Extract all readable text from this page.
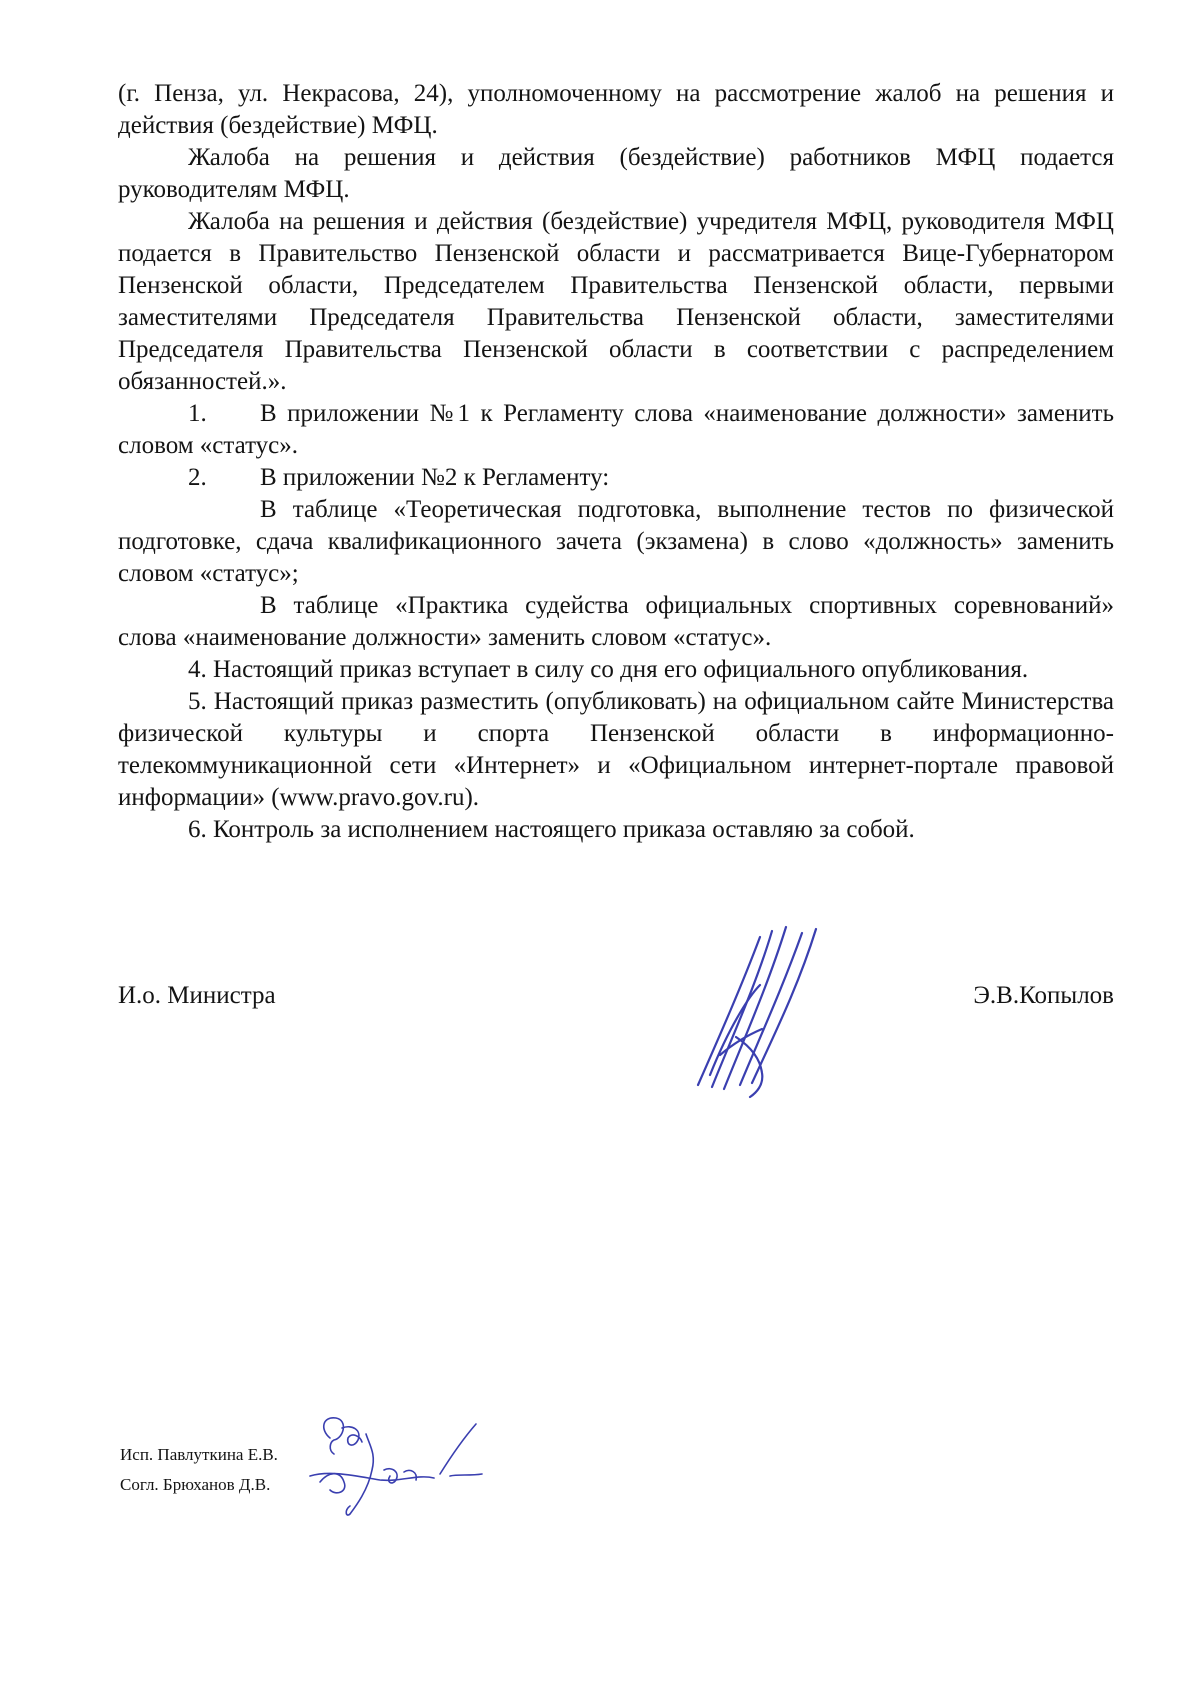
(г. Пенза, ул. Некрасова, 24), уполномоченному на рассмотрение жалоб на решения и действия (бездействие) МФЦ.

Жалоба на решения и действия (бездействие) работников МФЦ подается руководителям МФЦ.

Жалоба на решения и действия (бездействие) учредителя МФЦ, руководителя МФЦ подается в Правительство Пензенской области и рассматривается Вице-Губернатором Пензенской области, Председателем Правительства Пензенской области, первыми заместителями Председателя Правительства Пензенской области, заместителями Председателя Правительства Пензенской области в соответствии с распределением обязанностей.».

1. В приложении №1 к Регламенту слова «наименование должности» заменить словом «статус».

2. В приложении №2 к Регламенту:

В таблице «Теоретическая подготовка, выполнение тестов по физической подготовке, сдача квалификационного зачета (экзамена) в слово «должность» заменить словом «статус»;

В таблице «Практика судейства официальных спортивных соревнований» слова «наименование должности» заменить словом «статус».

4. Настоящий приказ вступает в силу со дня его официального опубликования.

5. Настоящий приказ разместить (опубликовать) на официальном сайте Министерства физической культуры и спорта Пензенской области в информационно-телекоммуникационной сети «Интернет» и «Официальном интернет-портале правовой информации» (www.pravo.gov.ru).

6. Контроль за исполнением настоящего приказа оставляю за собой.

И.о. Министра	Э.В.Копылов

Исп. Павлуткина Е.В.

Согл. Брюханов Д.В.
